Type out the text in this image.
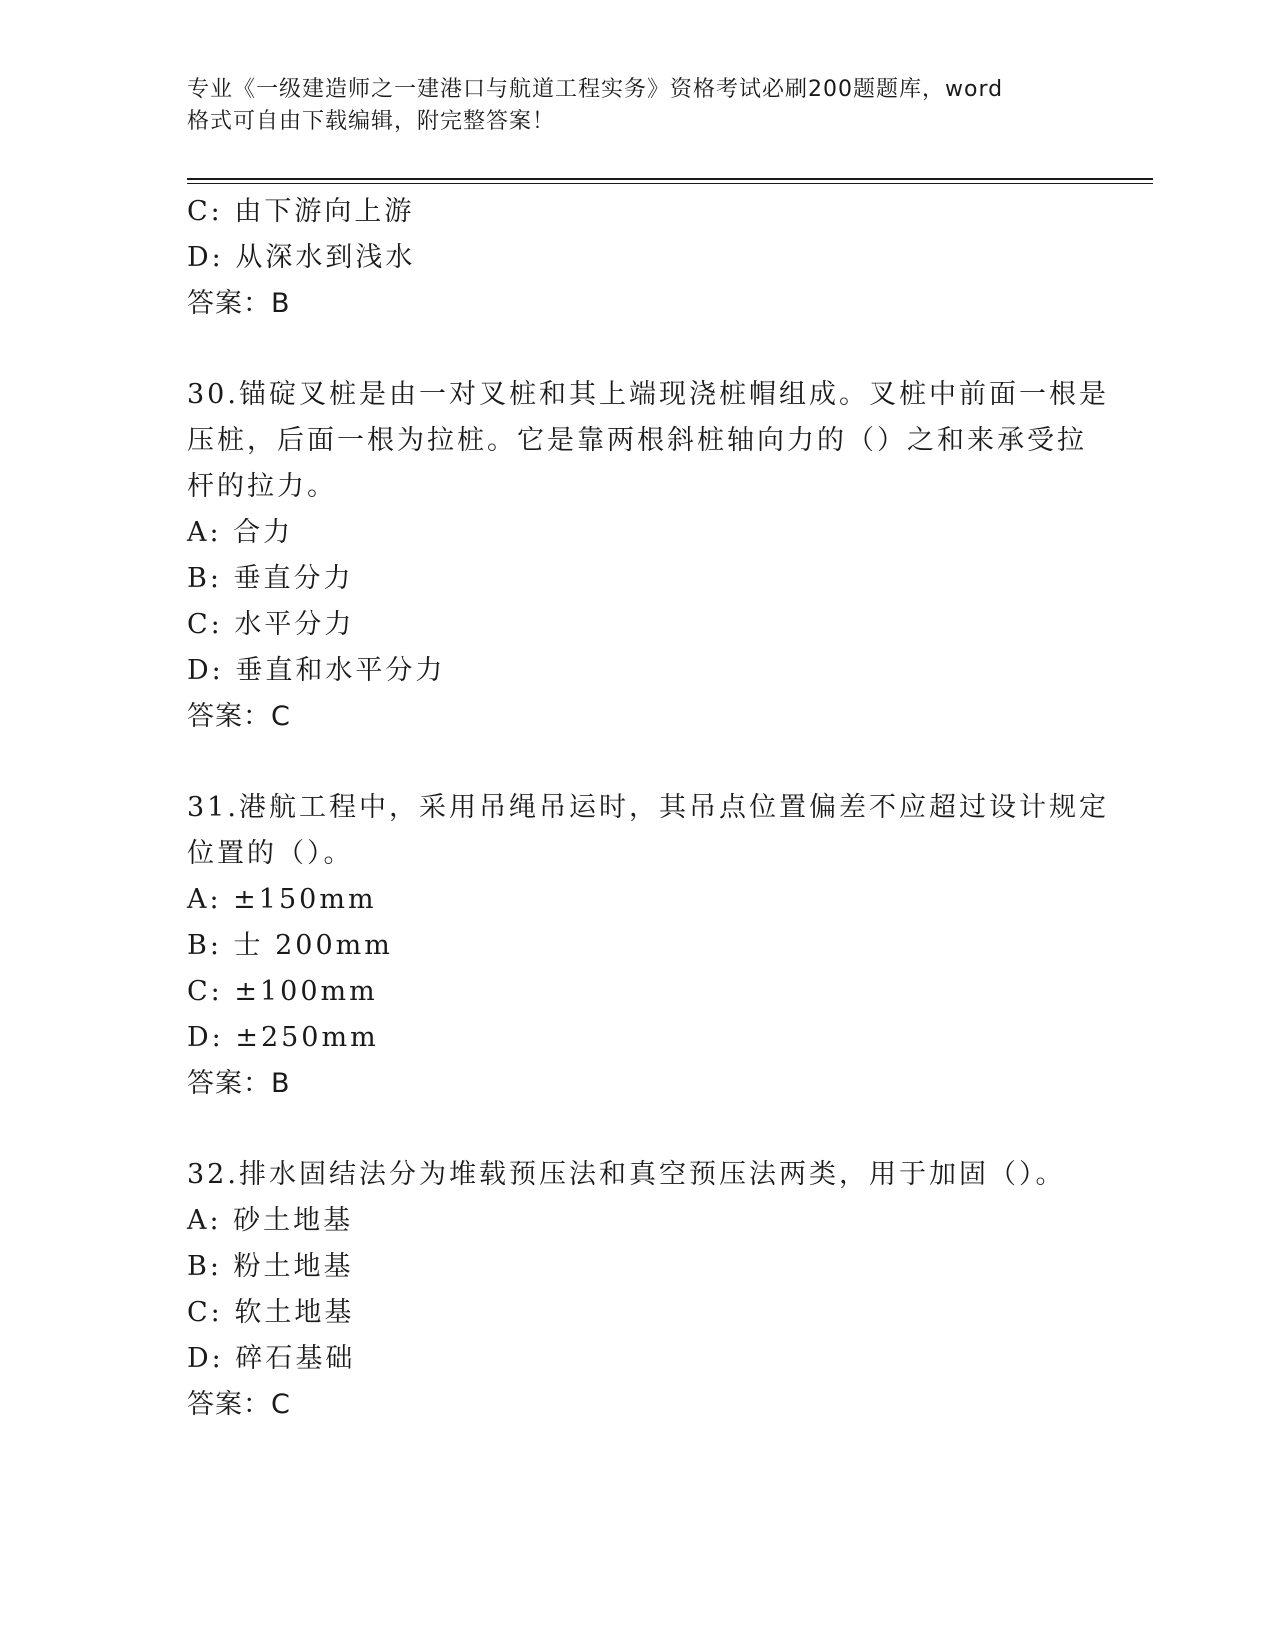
专业《一级建造师之一建港口与航道工程实务》资格考试必刷200题题库，word
格式可自由下载编辑，附完整答案！
C: 由下游向上游
D: 从深水到浅水
答案：B
30.锚碇叉桩是由一对叉桩和其上端现浇桩帽组成。叉桩中前面一根是
压桩，后面一根为拉桩。它是靠两根斜桩轴向力的（）之和来承受拉
杆的拉力。
A: 合力
B: 垂直分力
C: 水平分力
D: 垂直和水平分力
答案：C
31.港航工程中，采用吊绳吊运时，其吊点位置偏差不应超过设计规定
位置的（）。
A: ±150mm
B: 士 200mm
C: ±100mm
D: ±250mm
答案：B
32.排水固结法分为堆载预压法和真空预压法两类，用于加固（）。
A: 砂土地基
B: 粉土地基
C: 软土地基
D: 碎石基础
答案：C
